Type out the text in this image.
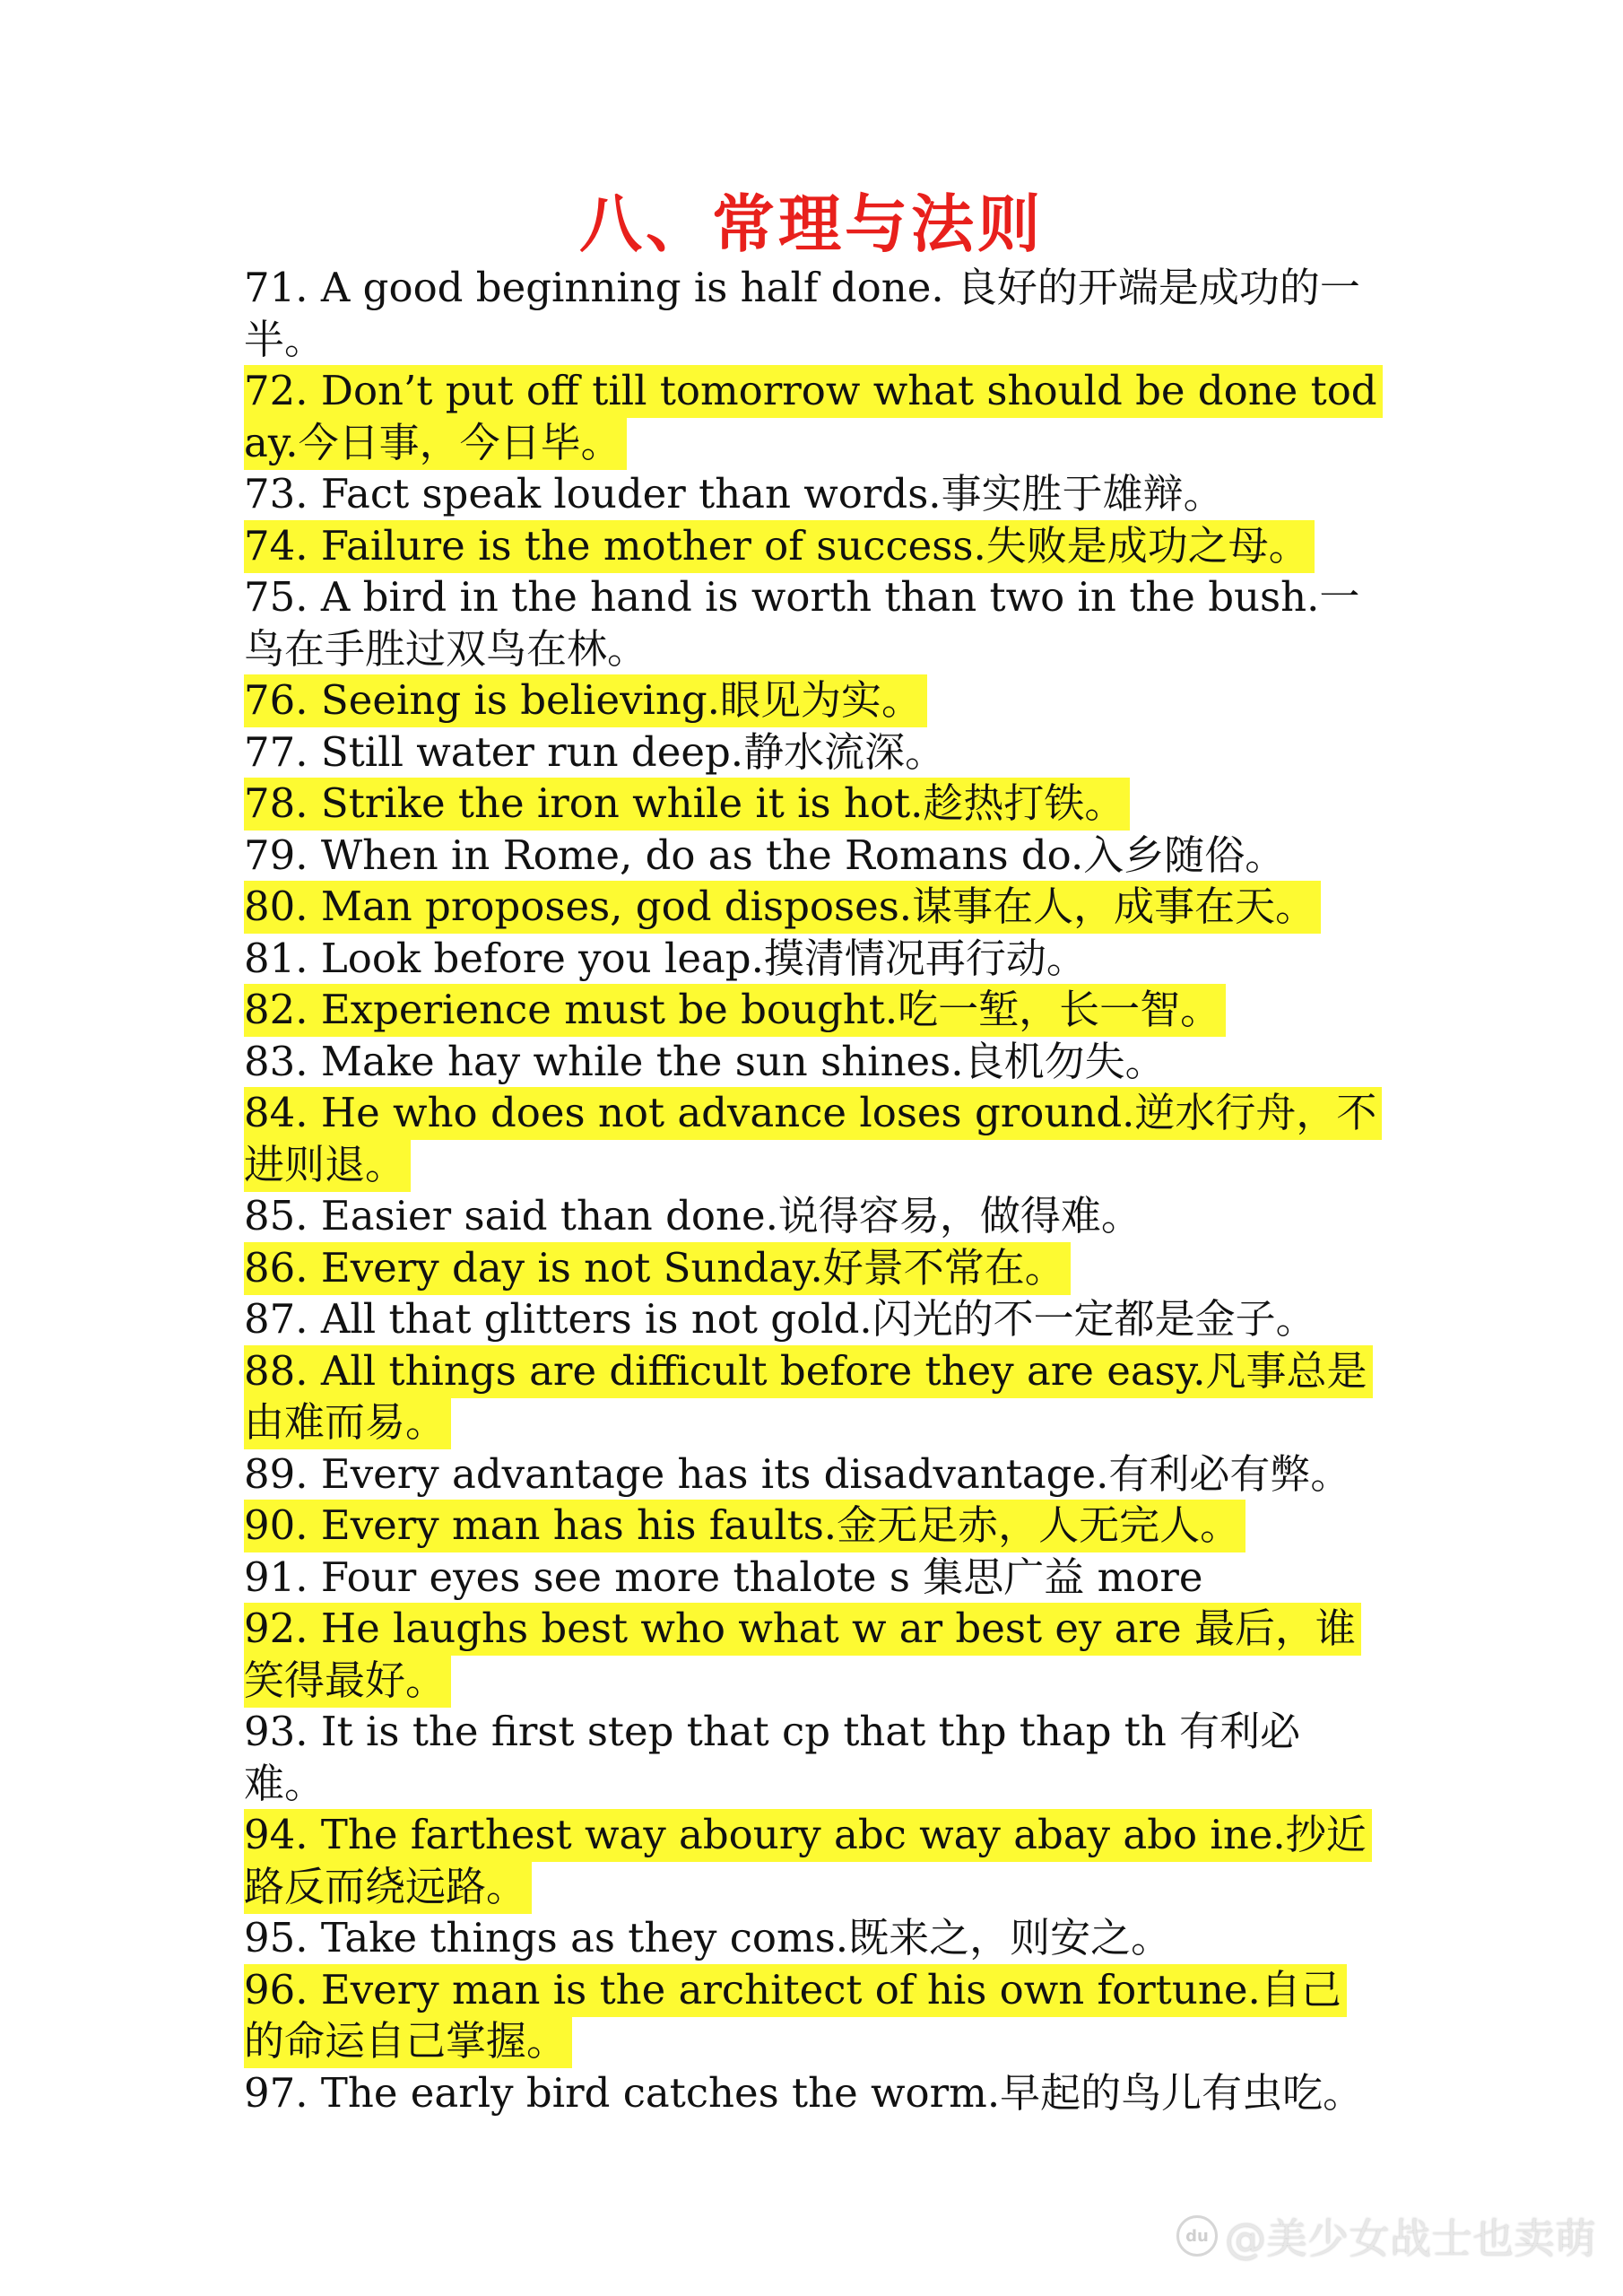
八、常理与法则

71. A good beginning is half done. 良好的开端是成功的一半。

72. Don’t put off till tomorrow what should be done today.今日事，今日毕。

73. Fact speak louder than words.事实胜于雄辩。

74. Failure is the mother of success.失败是成功之母。

75. A bird in the hand is worth than two in the bush.一鸟在手胜过双鸟在林。

76. Seeing is believing.眼见为实。

77. Still water run deep.静水流深。

78. Strike the iron while it is hot.趁热打铁。

79. When in Rome, do as the Romans do.入乡随俗。

80. Man proposes, god disposes.谋事在人，成事在天。

81. Look before you leap.摸清情况再行动。

82. Experience must be bought.吃一堑，长一智。

83. Make hay while the sun shines.良机勿失。

84. He who does not advance loses ground.逆水行舟，不进则退。

85. Easier said than done.说得容易，做得难。

86. Every day is not Sunday.好景不常在。

87. All that glitters is not gold.闪光的不一定都是金子。

88. All things are difficult before they are easy.凡事总是由难而易。

89. Every advantage has its disadvantage.有利必有弊。

90. Every man has his faults.金无足赤，人无完人。

91. Four eyes see more thalote s 集思广益 more

92. He laughs best who what w ar best ey are 最后，谁笑得最好。

93. It is the first step that cp that thp thap th 有利必难。

94. The farthest way aboury abc way abay abo ine.抄近路反而绕远路。

95. Take things as they coms.既来之，则安之。

96. Every man is the architect of his own fortune.自己的命运自己掌握。

97. The early bird catches the worm.早起的鸟儿有虫吃。

du @美少女战士也卖萌
